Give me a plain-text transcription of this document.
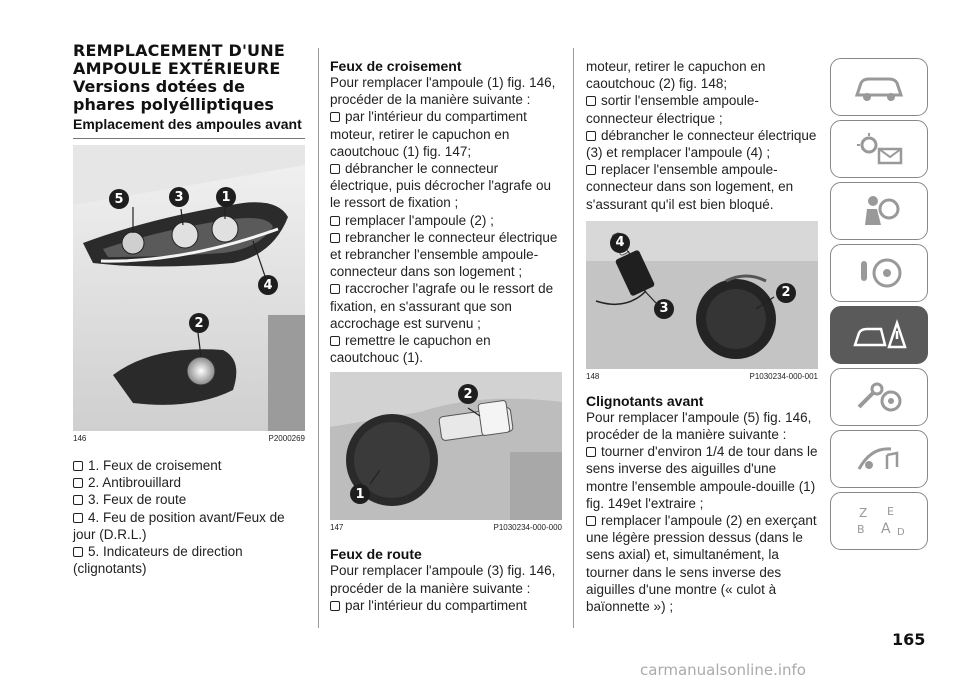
REMPLACEMENT D'UNE

AMPOULE EXTÉRIEURE

Versions dotées de

phares polyélliptiques

Emplacement des ampoules avant

5	3	1
4
2
146	P2000269

1. Feux de croisement

2. Antibrouillard

3. Feux de route

4. Feu de position avant/Feux de jour (D.R.L.)

5. Indicateurs de direction (clignotants)

Feux de croisement

Pour remplacer l'ampoule (1) fig. 146, procéder de la manière suivante :

par l'intérieur du compartiment moteur, retirer le capuchon en caoutchouc (1) fig. 147;

débrancher le connecteur électrique, puis décrocher l'agrafe ou le ressort de fixation ;

remplacer l'ampoule (2) ;

rebrancher le connecteur électrique et rebrancher l'ensemble ampoule-connecteur dans son logement ;

raccrocher l'agrafe ou le ressort de fixation, en s'assurant que son accrochage est survenu ;

remettre le capuchon en caoutchouc (1).

2
1
147	P1030234-000-000

Feux de route

Pour remplacer l'ampoule (3) fig. 146, procéder de la manière suivante :

par l'intérieur du compartiment

moteur, retirer le capuchon en caoutchouc (2) fig. 148;

sortir l'ensemble ampoule-connecteur électrique ;

débrancher le connecteur électrique (3) et remplacer l'ampoule (4) ;

replacer l'ensemble ampoule-connecteur dans son logement, en s'assurant qu'il est bien bloqué.

4
3
2
148	P1030234-000-001

Clignotants avant

Pour remplacer l'ampoule (5) fig. 146, procéder de la manière suivante :

tourner d'environ 1/4 de tour dans le sens inverse des aiguilles d'une montre l'ensemble ampoule-douille (1) fig. 149et l'extraire ;

remplacer l'ampoule (2) en exerçant une légère pression dessus (dans le sens axial) et, simultanément, la tourner dans le sens inverse des aiguilles d'une montre (« culot à baïonnette ») ;

Z E
B A D
165
carmanualsonline.info
